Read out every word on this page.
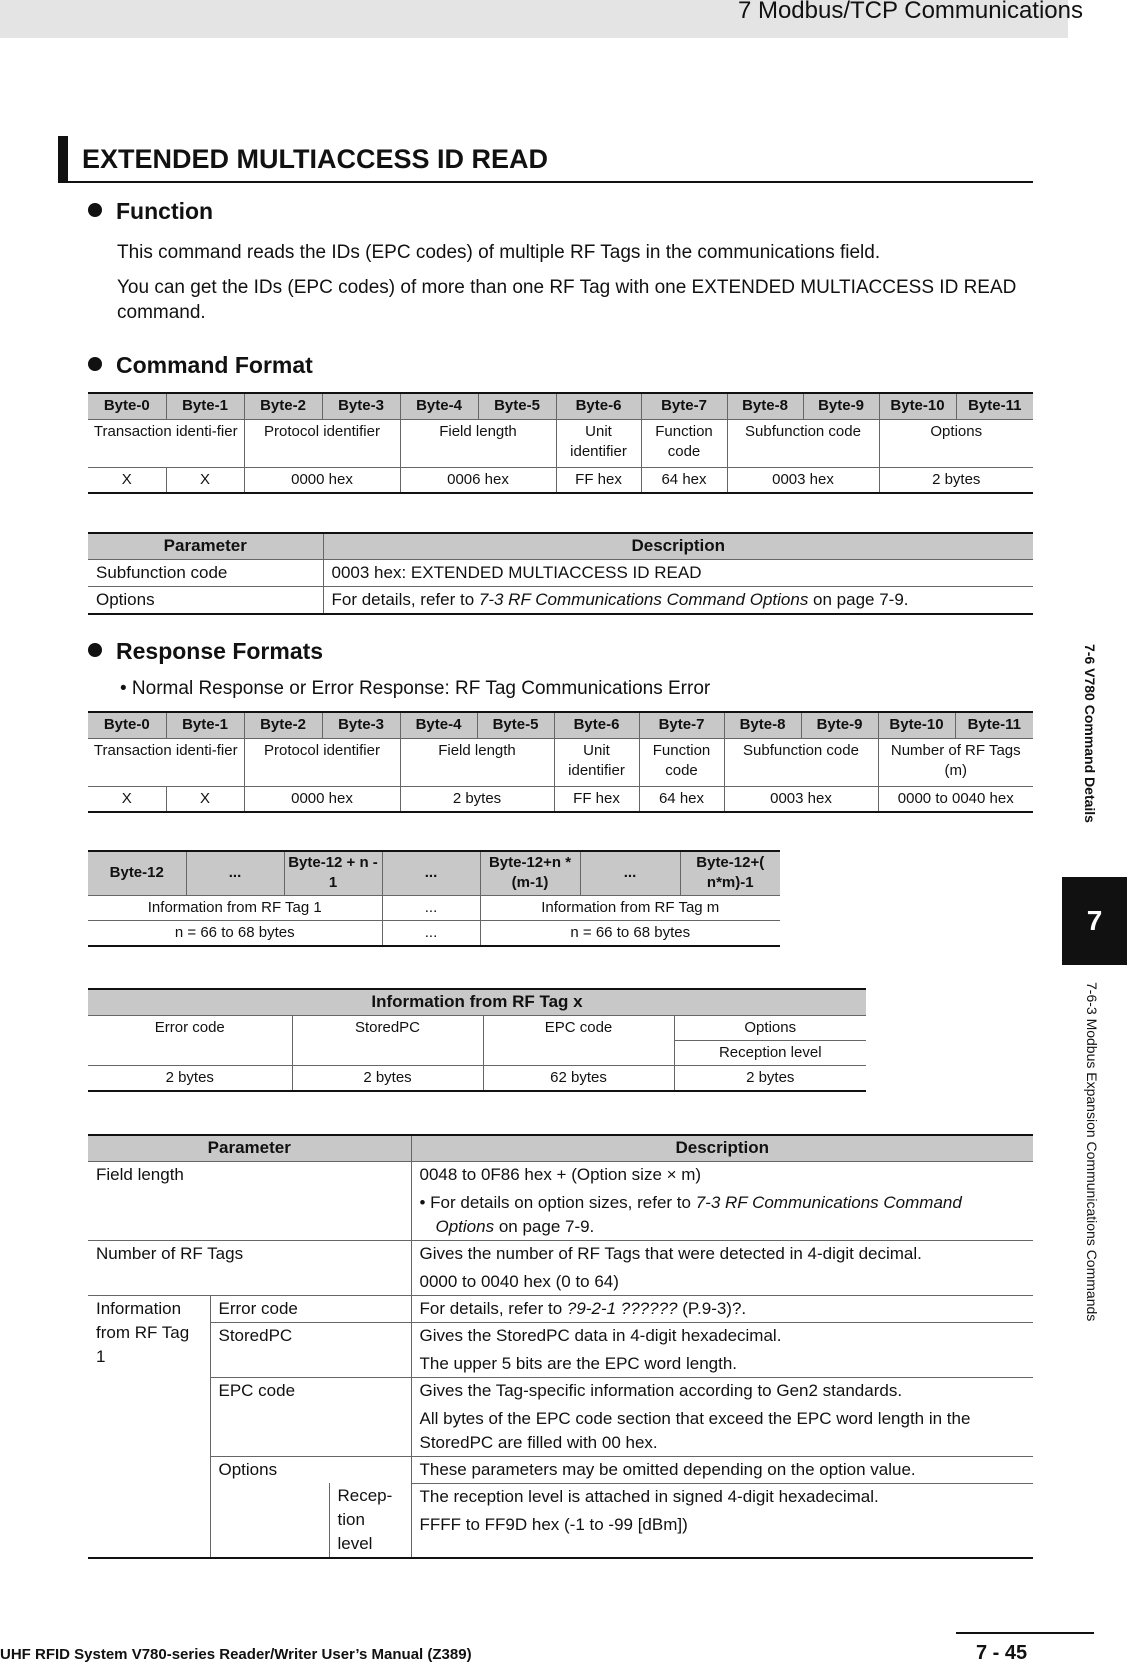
7 Modbus/TCP Communications
7-6 V780 Command Details
7
7-6-3 Modbus Expansion Communications Commands
EXTENDED MULTIACCESS ID READ
Function
This command reads the IDs (EPC codes) of multiple RF Tags in the communications field.
You can get the IDs (EPC codes) of more than one RF Tag with one EXTENDED MULTIACCESS ID READ command.
Command Format
Byte-0	Byte-1	Byte-2	Byte-3	Byte-4	Byte-5	Byte-6	Byte-7	Byte-8	Byte-9	Byte-10	Byte-11
Transaction identi-fier		Protocol identifier		Field length		Unit identifier	Function code	Subfunction code		Options	
X	X	0000 hex		0006 hex		FF hex	64 hex	0003 hex		2 bytes	
Parameter	Description
Subfunction code	0003 hex: EXTENDED MULTIACCESS ID READ
Options	For details, refer to 7-3 RF Communications Command Options on page 7-9.
Response Formats
• Normal Response or Error Response: RF Tag Communications Error
Byte-0	Byte-1	Byte-2	Byte-3	Byte-4	Byte-5	Byte-6	Byte-7	Byte-8	Byte-9	Byte-10	Byte-11
Transaction identi-fier		Protocol identifier		Field length		Unit identifier	Function code	Subfunction code		Number of RF Tags (m)	
X	X	0000 hex		2 bytes		FF hex	64 hex	0003 hex		0000 to 0040 hex	
Byte-12	...	Byte-12 + n - 1	...	Byte-12+n *(m-1)	...	Byte-12+( n*m)-1
Information from RF Tag 1			...	Information from RF Tag m		
n = 66 to 68 bytes			...	n = 66 to 68 bytes		
Information from RF Tag x			
Error code	StoredPC	EPC code	Options
			Reception level
2 bytes	2 bytes	62 bytes	2 bytes
Parameter			Description
Field length			0048 to 0F86 hex + (Option size × m)
• For details on option sizes, refer to 7-3 RF Communications Command Options on page 7-9.

Number of RF Tags			Gives the number of RF Tags that were detected in 4-digit decimal.
0000 to 0040 hex (0 to 64)

Information from RF Tag 1	Error code		For details, refer to ?9-2-1 ?????? (P.9-3)?.
	StoredPC		Gives the StoredPC data in 4-digit hexadecimal.
The upper 5 bits are the EPC word length.

	EPC code		Gives the Tag-specific information according to Gen2 standards.
All bytes of the EPC code section that exceed the EPC word length in the StoredPC are filled with 00 hex.

	Options		These parameters may be omitted depending on the option value.
		Recep-tion level	The reception level is attached in signed 4-digit hexadecimal.
FFFF to FF9D hex (-1 to -99 [dBm])
UHF RFID System V780-series Reader/Writer User’s Manual (Z389)	7 - 45
